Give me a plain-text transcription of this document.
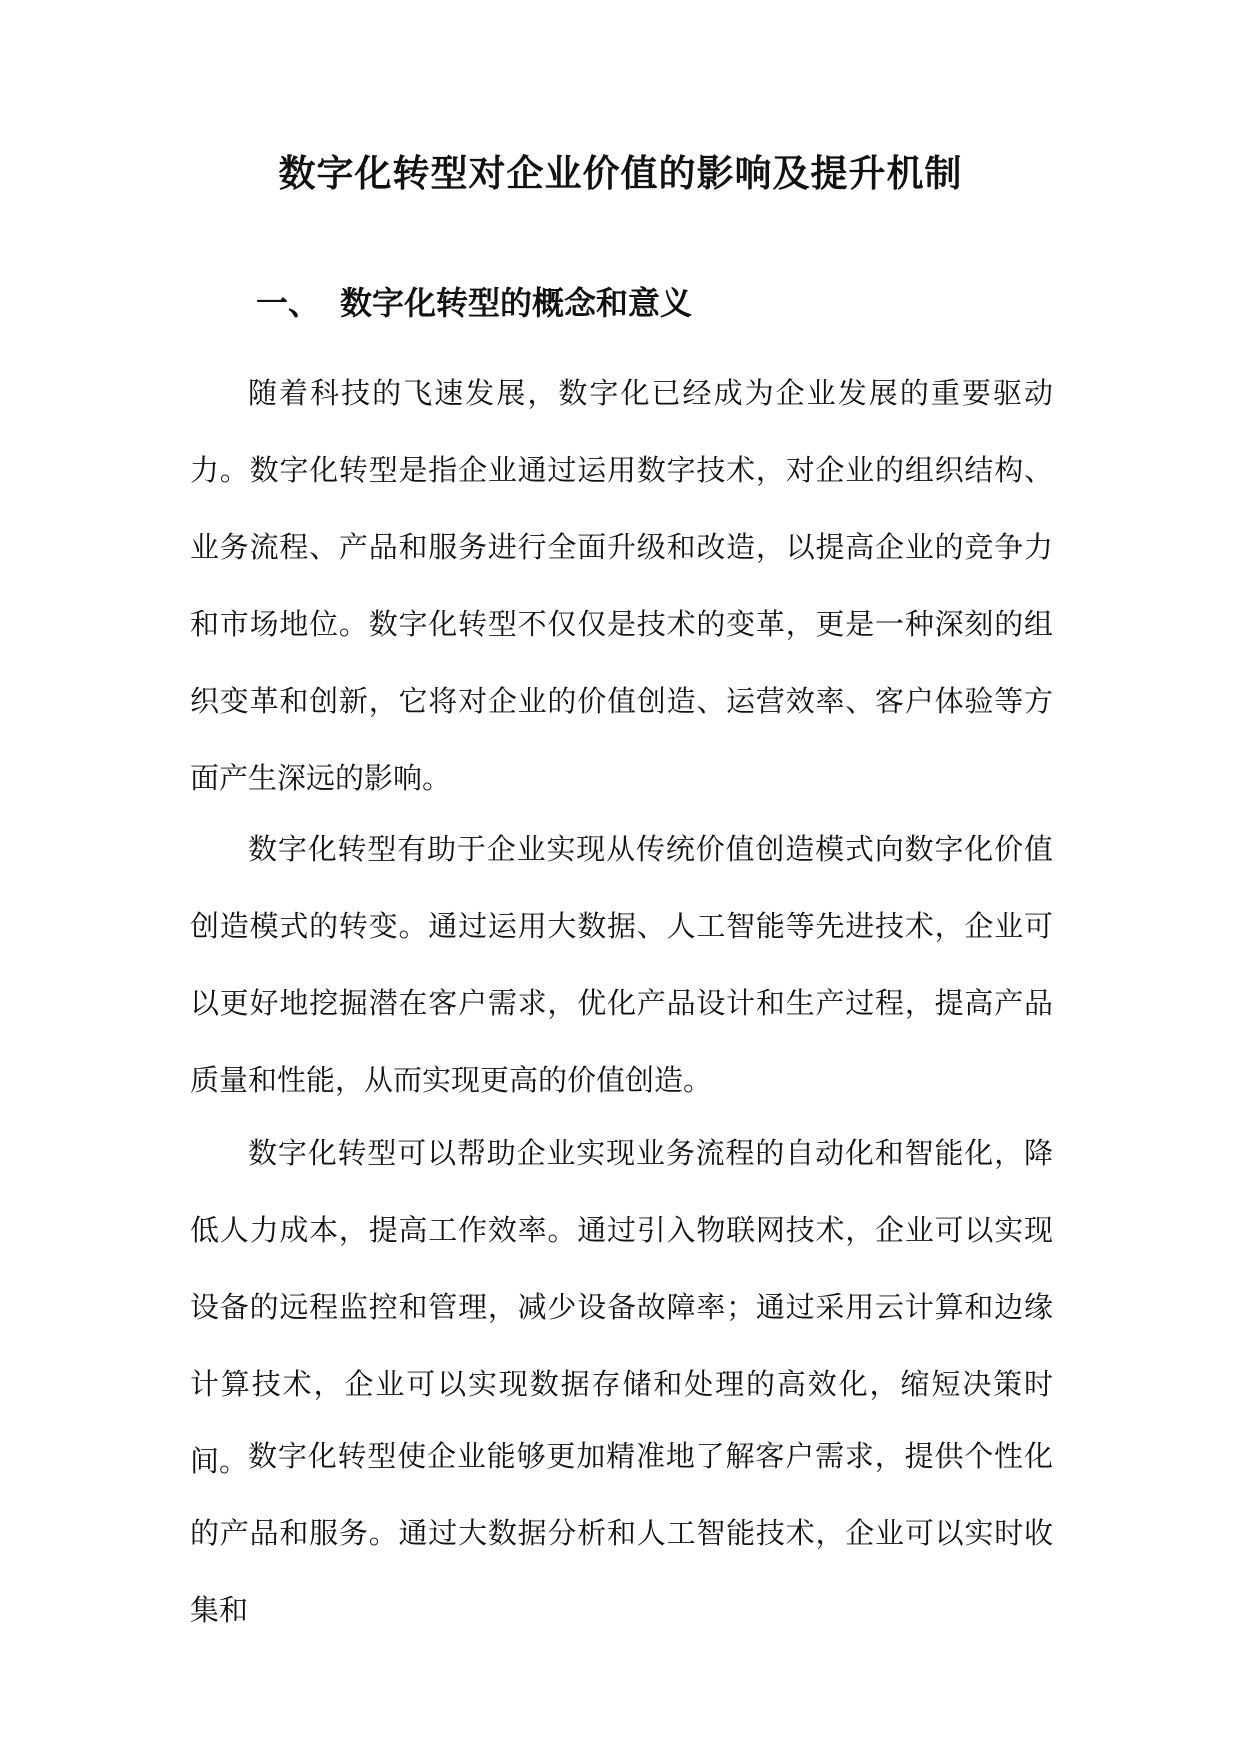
数字化转型对企业价值的影响及提升机制
一、 数字化转型的概念和意义

随着科技的飞速发展，数字化已经成为企业发展的重要驱动力。数字化转型是指企业通过运用数字技术，对企业的组织结构、业务流程、产品和服务进行全面升级和改造，以提高企业的竞争力和市场地位。数字化转型不仅仅是技术的变革，更是一种深刻的组织变革和创新，它将对企业的价值创造、运营效率、客户体验等方面产生深远的影响。

数字化转型有助于企业实现从传统价值创造模式向数字化价值创造模式的转变。通过运用大数据、人工智能等先进技术，企业可以更好地挖掘潜在客户需求，优化产品设计和生产过程，提高产品质量和性能，从而实现更高的价值创造。

数字化转型可以帮助企业实现业务流程的自动化和智能化，降低人力成本，提高工作效率。通过引入物联网技术，企业可以实现设备的远程监控和管理，减少设备故障率；通过采用云计算和边缘计算技术，企业可以实现数据存储和处理的高效化，缩短决策时间。 数字化转型使企业能够更加精准地了解客户需求，提供个性化的产品和服务。通过大数据分析和人工智能技术，企业可以实时收集和
